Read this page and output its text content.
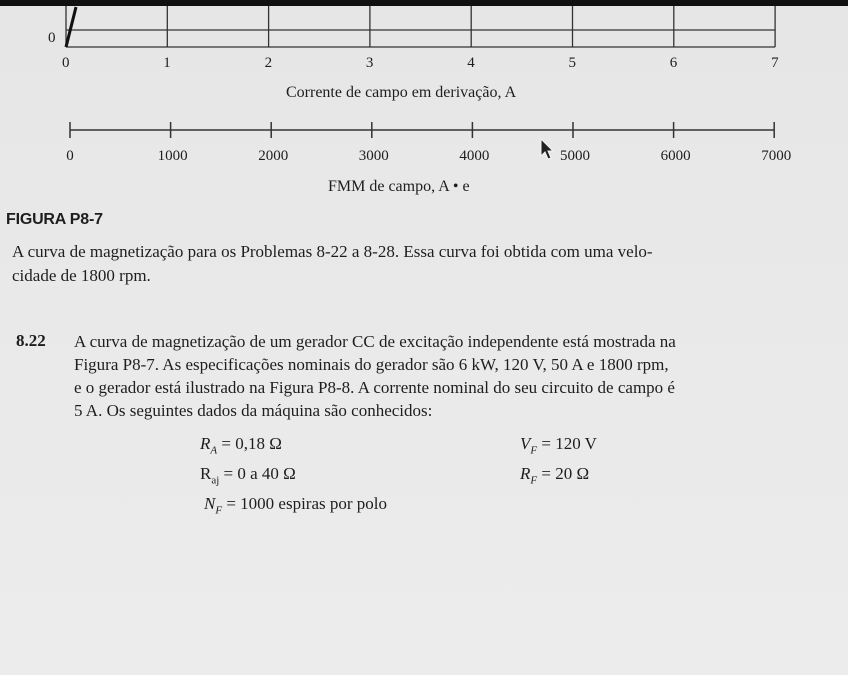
0
0	1	2	3	4	5	6	7
Corrente de campo em derivação, A
0	1000	2000	3000	4000	5000	6000	7000
FMM de campo, A • e
FIGURA P8-7
A curva de magnetização para os Problemas 8-22 a 8-28. Essa curva foi obtida com uma velo-
cidade de 1800 rpm.
8.22 A curva de magnetização de um gerador CC de excitação independente está mostrada na
Figura P8-7. As especificações nominais do gerador são 6 kW, 120 V, 50 A e 1800 rpm,
e o gerador está ilustrado na Figura P8-8. A corrente nominal do seu circuito de campo é
5 A. Os seguintes dados da máquina são conhecidos:
$R_A = 0,18$ Ω	$V_F = 120$ V
$R_{aj} = 0$ a 40 Ω	$R_F = 20$ Ω
$N_F = 1000$ espiras por polo
